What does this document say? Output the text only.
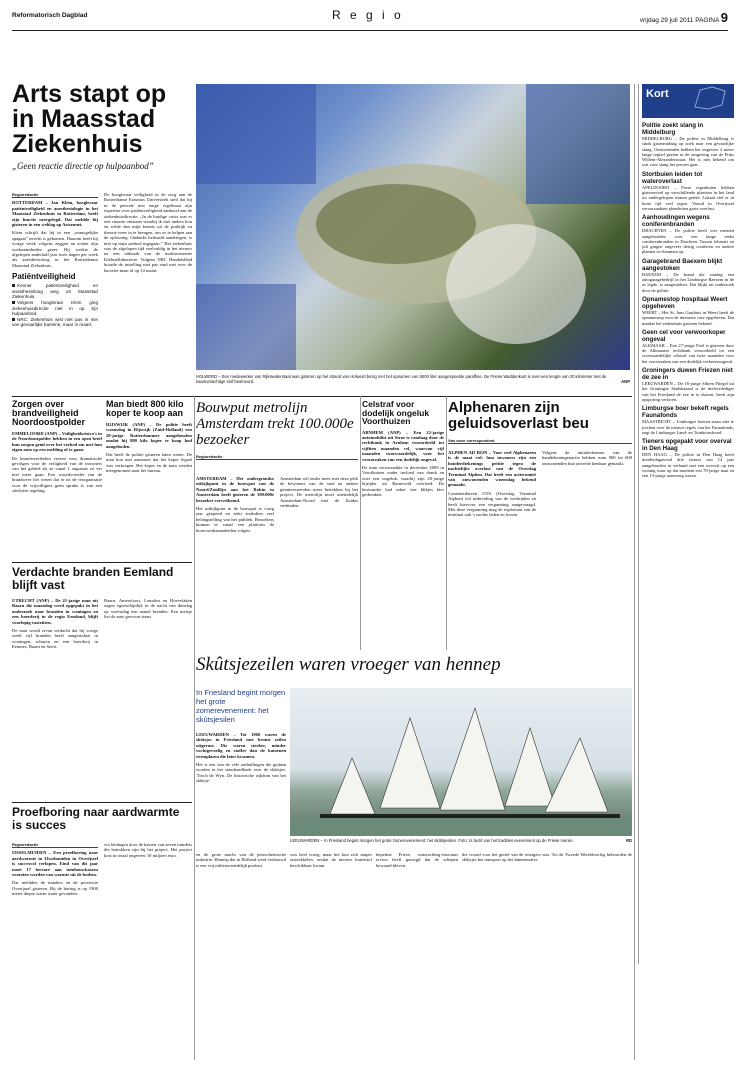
Reformatorisch Dagblad	R e g i o	vrijdag 29 juli 2011 PAGINA 9
Arts stapt op in Maasstad Ziekenhuis
„Geen reactie directie op hulpaanbod”
Regioredactie
ROTTERDAM – Jan Klein, hoogleraar patiëntveiligheid en anesthesiologie in het Maasstad Ziekenhuis in Rotterdam, heeft zijn functie neergelegd. Dat meldde hij gisteren in een weblog op Artsennet.
Klein schrijft dat hij in een „onmogelijke spagaat” terecht is gekomen. Daarom heeft hij vorige week volgens zeggen na achter zijn werkzaamheden gezet. Hij werkte de afgelopen anderhalf jaar twee dagen per week als anesthesioloog in het Rotterdamse Maasstad Ziekenhuis.
Patiëntveiligheid
Kenner patiëntveiligheid en anesthesioloog weg uit Maasstad Ziekenhuis.
Volgens hoogleraar Klein ging ziekenhuisdirectie niet in op zijn hulpaanbod.
NRC: Ziekenhuis wist niet pas in mei van gevaarlijke bacterie, maar in maart.
De hoogleraar veiligheid in de zorg aan de Rotterdamse Erasmus Universiteit stelt dat hij in de periode met enige regelmaat zijn expertise over patiëntveiligheid aanbood aan de ziekenhuisdirectie. „In de huidige crisis was er een situatie ontstaan waarbij ik niet anders kon en wilde dan mijn kennis uit de praktijk en theorie weer in te brengen, om zo te helpen aan de oplossing. Ondanks herhaald aandringen, is niet op mijn aanbod ingegaan.” Het ziekenhuis was de afgelopen tijd veelvuldig in het nieuws na een uitbraak van de multiresistente Klebsiellabacterie. Volgens NRC Handelsblad hoorde de instelling niet pas eind mei over de bacterie maar al op 14 maart.
HOLWERD – Een medewerker van Rijkswaterstaat was gisteren op het strand van Holwerd bezig met het opruimen van 5000 liter aangespoelde paraffine. De Friese Waddenkust is over een lengte van 20 kilometer met de kaarsvetachtige stof besmeurd.	ANP
Kort
Politie zoekt slang in Middelburg
MIDDELBURG – De politie in Middelburg is sinds gistermiddag op zoek naar een gevaarlijke slang. Omwonenden hebben het ongeveer 2 meter lange reptiel gezien in de omgeving van de Prins Willem-Alexanderstraat. Het is niet bekend om wat voor slang het precies gaat.
Stortbuien leiden tot wateroverlast
APELDOORN – Forse regenbuien hebben gisteravond op verschillende plaatsen in het land tot ondergelopen straten geleid. Lokaal viel er in korte tijd veel regen. Vooral in Overijssel veroorzaakten plensbuien grote overlast.
Aanhoudingen wegens coniferenbranden
DRACHTEN – De politie heeft vier mensen aangehouden voor een lange reeks coniferenbranden in Drachten. Tussen februari en juli gingen ongeveer dertig coniferen en andere planten in vlammen op.
Garagebrand Baexem blijkt aangestoken
BAEXEM – De brand die zondag een autogaragebedrijf in het Limburgse Baexem in de as legde, is aangestoken. Dat blijkt uit onderzoek door de politie.
Opnamestop hospitaal Weert opgeheven
WEERT – Het St. Jans Gasthuis in Weert heeft de opnamestop voor de intensive care opgeheven. Dat maakte het ziekenhuis gisteren bekend.
Geen cel voor verwoorkoper ongeval
ALKMAAR – Een 27-jarige Poel is gisteren door de Alkmaarse rechtbank veroordeeld tot een voorwaardelijke celstraf van twee maanden voor het veroorzaken van een dodelijk verkeersongeval.
Groningers duwen Friezen niet de zee in
LEEUWARDEN – De 16-jarige Sibren Fliegel uit het Groningse Stadskanaal is de titelverdediger van het Friesland de zee in te duwen, heeft zijn opsporing verloren.
Limburgse boer bekeft regels Faunafonds
MAASTRICHT – Limburgse boeren staan niet te juichen over de nieuwe regels van het Faunafonds, zegt de Limburgse Land- en Tuinbouwbond.
Tieners opgepakt voor overval in Den Haag
DEN HAAG – De politie in Den Haag heeft donderdagavond drie tieners van 14 jaar aangehouden in verband met een overval op een woning waar op dat moment een 70-jarige man en een 13-jarige aanwezig waren.
Zorgen over brandveiligheid Noordoostpolder
EMMELOORD (ANP) – Veiligheidsrisico's in de Noordoostpolder hebben in een open brief hun zorgen geuit over het verbod om met hun eigen auto op een melding af te gaan.
De brandweerlieden vrezen voor dramatische gevolgen voor de veiligheid van de inwoners van het gebied als ze vanaf 1 augustus zo ver niet meer gaan. Een woordvoerder van de brandweer liet weten dat er na de reorganisatie voor de vrijwilligers geen sprake is van een slechtere regeling.
Man biedt 800 kilo koper te koop aan
RIJSWIJK (ANP) – De politie heeft woensdag in Rijswijk (Zuid-Holland) een 28-jarige Rotterdammer aangehouden omdat hij 800 kilo koper te koop had aangeboden.
Dat heeft de politie gisteren laten weten. De man kon niet aantonen dat het koper legaal was verkregen. Het koper en de man werden meegenomen naar het bureau.
Bouwput metrolijn Amsterdam trekt 100.000e bezoeker
Regioredactie
AMSTERDAM – Het ondergrondse uitkijkpunt in de bouwput van de Noord/Zuidlijn aan het Rokin in Amsterdam heeft gisteren de 100.000e bezoeker verwelkomd.
Het uitkijkpunt in de bouwput is vorig jaar geopend en trekt sindsdien veel belangstelling van het publiek. Bezoekers kunnen er vanaf een platform de bouwwerkzaamheden volgen.
Amsterdam wil onder meer met deze plek de bewoners van de stad en andere geïnteresseerden meer betrekken bij het project. De metrolijn moet uiteindelijk Amsterdam-Noord met de Zuidas verbinden.
Celstraf voor dodelijk ongeluk Voorthuizen
ARNHEM (ANP) – Een 22-jarige automobilist uit Stroe is vandaag door de rechtbank in Arnhem veroordeeld tot vijftien maanden cel, waarvan vijf maanden voorwaardelijk, voor het veroorzaken van een dodelijk ongeval.
De man veroorzaakte in december 2009 in Voorthuizen onder invloed van drank en wiet een ongeluk, waarbij zijn 20-jarige bijrijder uit Barneveld overleed. De bestuurder had zeker vier blikjes bier gedronken.
Alphenaren zijn geluidsoverlast beu
Van onze correspondent
ALPHEN AD RIJN – Voor veel Alphenaren is de maat vol: hun inwoners zijn een honderdtekenings petitie tegen de nachtelijke overlast van de Overslag Terminal Alphen. Dat heeft een actiecomité van omwonenden woensdag bekend gemaakt.
Containerhaven OTA (Overslag Terminal Alphen) wil uitbreiding van de werktijden en heeft hiervoor een vergunning aangevraagd. Met deze vergunning mag de exploitant van de terminal ook 's nachts laden en lossen.
Volgens de initiatiefnemer van de handtekeningenactie hebben ruim 900 tot 600 omwonenden hun onvrede kenbaar gemaakt.
Verdachte branden Eemland blijft vast
UTRECHT (ANP) – De 21-jarige man uit Baarn die maandag werd opgepakt in het onderzoek naar branden in woningen en een boerderij in de regio Eemland, blijft voorlopig vastzitten.
De man wordt ervan verdacht dat hij vorige week vijf branden heeft aangestoken in woningen, schuren en een boerderij in Eemnes, Baarn en Soest.
Baarn, Amersfoort, Leusden en Hoevelaken zagen ogenschijnlijk in de nacht van dinsdag op woensdag een aantal branden. Een meisje liet de auto gewoon staan.
Proefboring naar aardwarmte is succes
Regioredactie
IJSSELMUIDEN – Een proefboring naar aardwarmte in IJsselmuiden in Overijssel is succesvol verlopen. Eind van dit jaar moet 17 hectare aan tuinbouwkassen voorzien worden van warmte uit de bodem.
Dat meldden de tuinders en de provincie Overijssel gisteren. Bij de boring is op 1900 meter diepte warm water gevonden.
via leidingen door de kassen van zeven tuinders die betrokken zijn bij het project. Het project kost in totaal ongeveer 10 miljoen euro.
Skûtsjezeilen waren vroeger van hennep
In Friesland begint morgen het grote zomerevenement: het skûtsjesilen
LEEUWARDEN – Tot 1960 waren de skûtsjes in Friesland met bruine zeilen uitgerust. Die waren sterker, minder vochtgevoelig en stoffer dan de katoenen exemplaren die later kwamen.
Het is een van de vele onthullingen die gedaan worden in het standaardboek over de skûtsjes: 'Troch de Wyn. De historische rijkdom van het skûtsje'.
LEEUWARDEN – In Friesland begint morgen het grote zomerevenement: het skûtsjesilen. Foto: Is bezit van het tradities evenement op de Friese meren.	RD
en de grote macht van de petrochemische industrie. Hennep dat in Holland werd verbouwd is een vrij milieuvriendelijk product.
was heel vroeg, maar het kon zich amper ontwikkelen, omdat de nieuwe kunststof beschikbaar kwam.
beperkte Friese, waterrafting-structuur ervoor heeft gezorgd dat de schepen bewaard bleven.
die vooral voor het gerief van de reizigers was. Tot de Tweede Wereldoorlog behoorden de skûtsjes het transport op het binnenwater.
